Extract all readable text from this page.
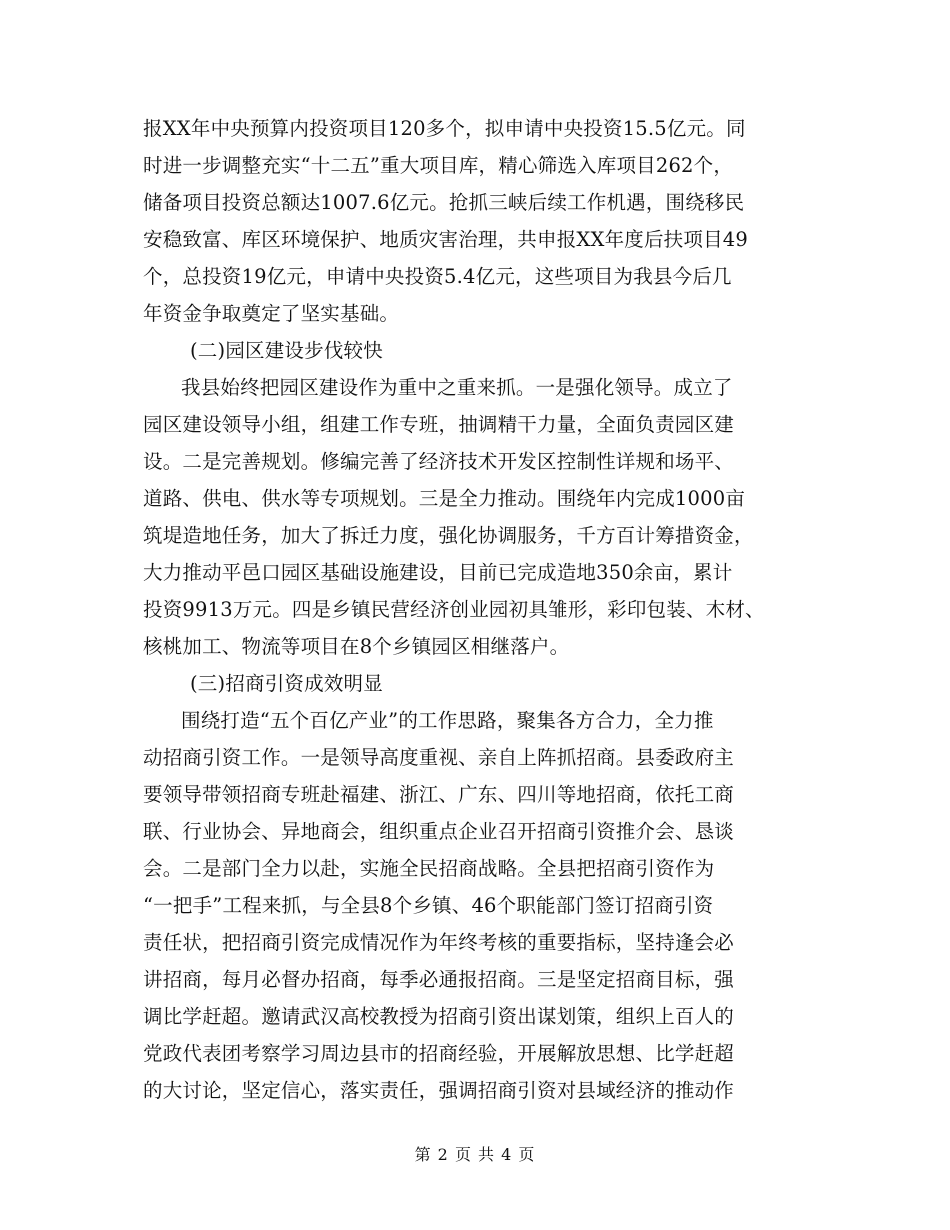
报XX年中央预算内投资项目120多个，拟申请中央投资15.5亿元。同
时进一步调整充实“十二五”重大项目库，精心筛选入库项目262个，
储备项目投资总额达1007.6亿元。抢抓三峡后续工作机遇，围绕移民
安稳致富、库区环境保护、地质灾害治理，共申报XX年度后扶项目49
个，总投资19亿元，申请中央投资5.4亿元，这些项目为我县今后几
年资金争取奠定了坚实基础。
(二)园区建设步伐较快
我县始终把园区建设作为重中之重来抓。一是强化领导。成立了
园区建设领导小组，组建工作专班，抽调精干力量，全面负责园区建
设。二是完善规划。修编完善了经济技术开发区控制性详规和场平、
道路、供电、供水等专项规划。三是全力推动。围绕年内完成1000亩
筑堤造地任务，加大了拆迁力度，强化协调服务，千方百计筹措资金，
大力推动平邑口园区基础设施建设，目前已完成造地350余亩，累计
投资9913万元。四是乡镇民营经济创业园初具雏形，彩印包装、木材、
核桃加工、物流等项目在8个乡镇园区相继落户。
(三)招商引资成效明显
围绕打造“五个百亿产业”的工作思路，聚集各方合力，全力推
动招商引资工作。一是领导高度重视、亲自上阵抓招商。县委政府主
要领导带领招商专班赴福建、浙江、广东、四川等地招商，依托工商
联、行业协会、异地商会，组织重点企业召开招商引资推介会、恳谈
会。二是部门全力以赴，实施全民招商战略。全县把招商引资作为
“一把手”工程来抓，与全县8个乡镇、46个职能部门签订招商引资
责任状，把招商引资完成情况作为年终考核的重要指标，坚持逢会必
讲招商，每月必督办招商，每季必通报招商。三是坚定招商目标，强
调比学赶超。邀请武汉高校教授为招商引资出谋划策，组织上百人的
党政代表团考察学习周边县市的招商经验，开展解放思想、比学赶超
的大讨论，坚定信心，落实责任，强调招商引资对县域经济的推动作
第 2 页 共 4 页
